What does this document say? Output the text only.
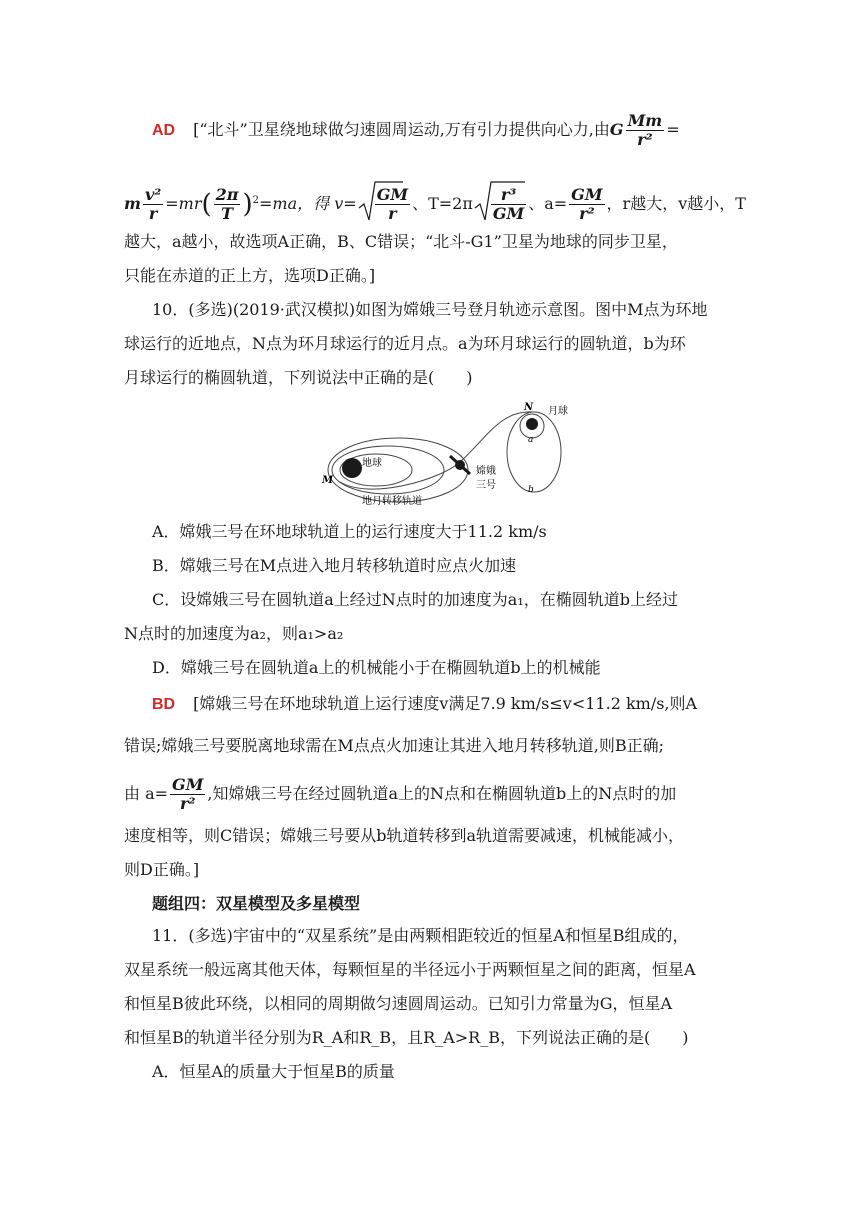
AD [“北斗”卫星绕地球做匀速圆周运动,万有引力提供向心力,由G $\frac{Mm}{\text{r²}}$ =
m $\frac{\text{v²}}{r} =mr( \frac{2\pi}{T} )^2=ma$，得 $v= \frac{GM}{r}$ 、$T=2\pi \frac{\text{r³}}{GM}$ 、$a= \frac{GM}{\text{r²}}$ ，r越大，v越小，T
越大，a越小，故选项A正确，B、C错误；“北斗-G1”卫星为地球的同步卫星，
只能在赤道的正上方，选项D正确。]
10．(多选)(2019·武汉模拟)如图为嫦娥三号登月轨迹示意图。图中M点为环地
球运行的近地点，N点为环月球运行的近月点。a为环月球运行的圆轨道，b为环
月球运行的椭圆轨道，下列说法中正确的是(　　)
N 月球
a
b
M
地球
嫦娥
三号
地月转移轨道
A．嫦娥三号在环地球轨道上的运行速度大于11.2 km/s
B．嫦娥三号在M点进入地月转移轨道时应点火加速
C．设嫦娥三号在圆轨道a上经过N点时的加速度为a₁，在椭圆轨道b上经过
N点时的加速度为a₂，则a₁>a₂
D．嫦娥三号在圆轨道a上的机械能小于在椭圆轨道b上的机械能
BD [嫦娥三号在环地球轨道上运行速度v满足7.9 km/s≤v<11.2 km/s,则A
错误;嫦娥三号要脱离地球需在M点点火加速让其进入地月转移轨道,则B正确;
由 $a= \frac{GM}{\text{r²}}$ ,知嫦娥三号在经过圆轨道a上的N点和在椭圆轨道b上的N点时的加
速度相等，则C错误；嫦娥三号要从b轨道转移到a轨道需要减速，机械能减小，
则D正确。]
题组四：双星模型及多星模型
11．(多选)宇宙中的“双星系统”是由两颗相距较近的恒星A和恒星B组成的，
双星系统一般远离其他天体，每颗恒星的半径远小于两颗恒星之间的距离，恒星A
和恒星B彼此环绕，以相同的周期做匀速圆周运动。已知引力常量为G，恒星A
和恒星B的轨道半径分别为R_A和R_B，且R_A>R_B，下列说法正确的是(　　)
A．恒星A的质量大于恒星B的质量
